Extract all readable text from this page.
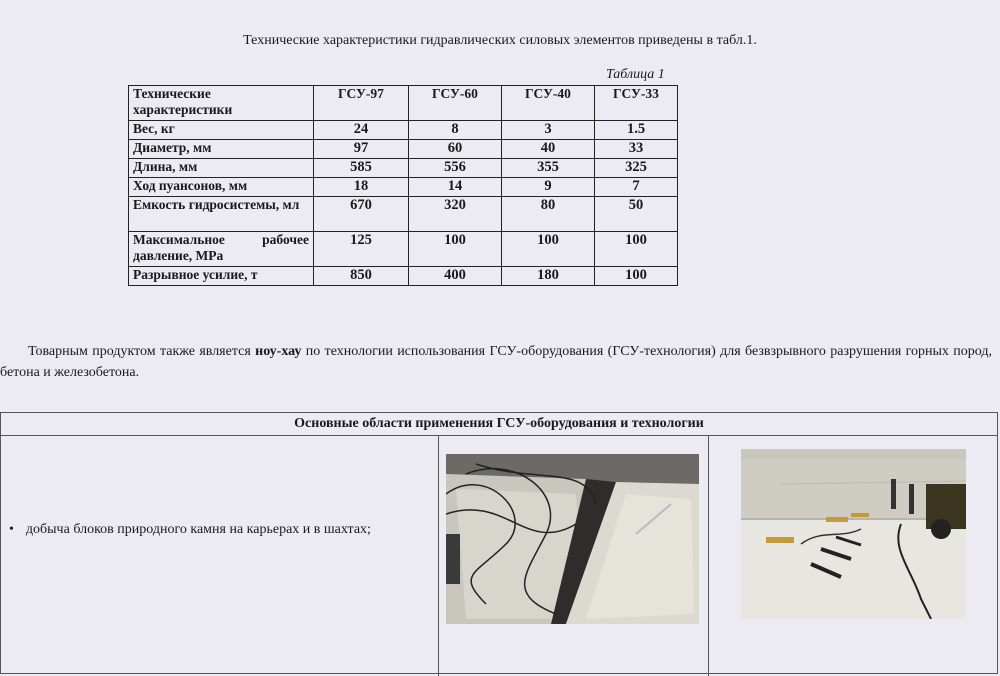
Технические характеристики гидравлических силовых элементов приведены в табл.1.
Таблица 1
Технические характеристики	ГСУ-97	ГСУ-60	ГСУ-40	ГСУ-33
Вес, кг	24	8	3	1.5
Диаметр, мм	97	60	40	33
Длина, мм	585	556	355	325
Ход пуансонов, мм	18	14	9	7
Емкость гидросистемы, мл	670	320	80	50
Максимальное рабочее давление, МРа	125	100	100	100
Разрывное усилие, т	850	400	180	100
Товарным продуктом также является ноу-хау по технологии использования ГСУ-оборудования (ГСУ-технология) для безвзрывного разрушения горных пород, бетона и железобетона.
Основные области применения ГСУ-оборудования и технологии
• добыча блоков природного камня на карьерах и в шахтах;
